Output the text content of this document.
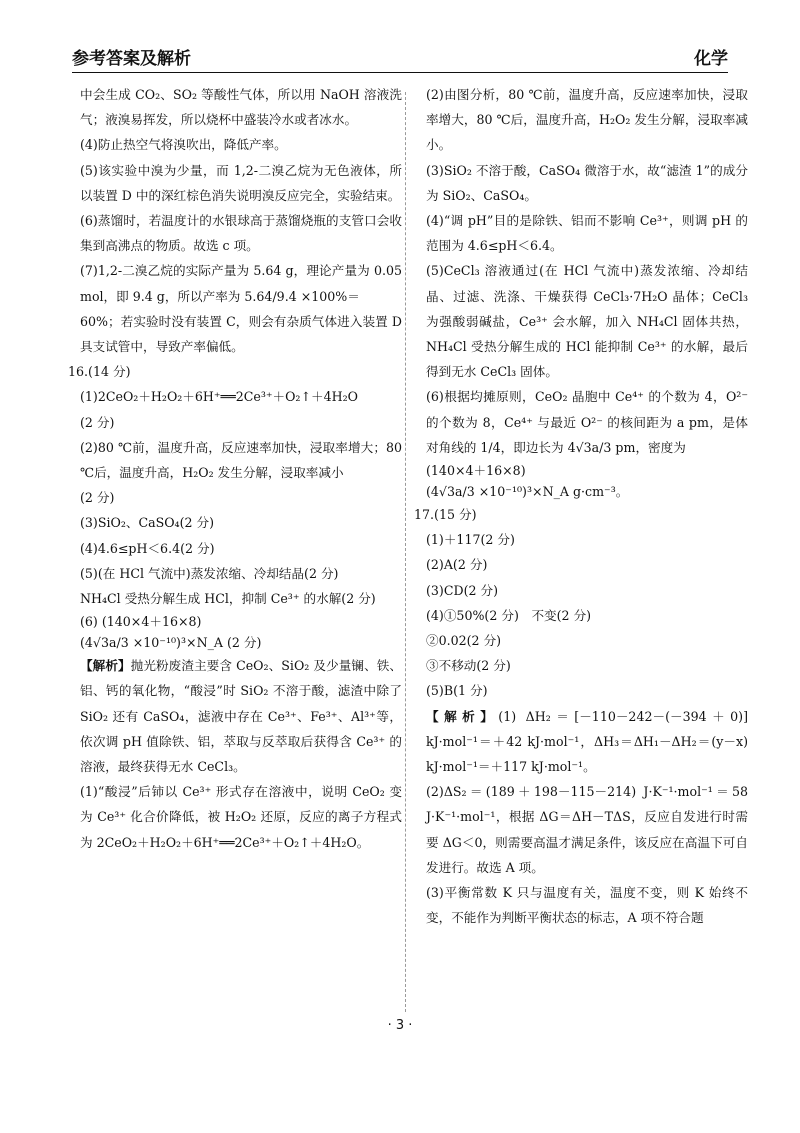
参考答案及解析	化学

中会生成 CO₂、SO₂ 等酸性气体，所以用 NaOH 溶液洗气；液溴易挥发，所以烧杯中盛装冷水或者冰水。

(4)防止热空气将溴吹出，降低产率。

(5)该实验中溴为少量，而 1,2-二溴乙烷为无色液体，所以装置 D 中的深红棕色消失说明溴反应完全，实验结束。

(6)蒸馏时，若温度计的水银球高于蒸馏烧瓶的支管口会收集到高沸点的物质。故选 c 项。

(7)1,2-二溴乙烷的实际产量为 5.64 g，理论产量为 0.05 mol，即 9.4 g，所以产率为 5.64/9.4 ×100%＝

60%；若实验时没有装置 C，则会有杂质气体进入装置 D 具支试管中，导致产率偏低。

16.(14 分)

(1)2CeO₂＋H₂O₂＋6H⁺══2Ce³⁺＋O₂↑＋4H₂O

(2 分)

(2)80 ℃前，温度升高，反应速率加快，浸取率增大；80 ℃后，温度升高，H₂O₂ 发生分解，浸取率减小

(2 分)

(3)SiO₂、CaSO₄(2 分)

(4)4.6≤pH＜6.4(2 分)

(5)(在 HCl 气流中)蒸发浓缩、冷却结晶(2 分)

NH₄Cl 受热分解生成 HCl，抑制 Ce³⁺ 的水解(2 分)

(6) (140×4＋16×8)
(4√3a/3 ×10⁻¹⁰)³×N_A (2 分)

【解析】抛光粉废渣主要含 CeO₂、SiO₂ 及少量镧、铁、铝、钙的氧化物，“酸浸”时 SiO₂ 不溶于酸，滤渣中除了 SiO₂ 还有 CaSO₄，滤液中存在 Ce³⁺、Fe³⁺、Al³⁺等，依次调 pH 值除铁、铝，萃取与反萃取后获得含 Ce³⁺ 的溶液，最终获得无水 CeCl₃。

(1)“酸浸”后铈以 Ce³⁺ 形式存在溶液中，说明 CeO₂ 变为 Ce³⁺ 化合价降低，被 H₂O₂ 还原，反应的离子方程式为 2CeO₂＋H₂O₂＋6H⁺══2Ce³⁺＋O₂↑＋4H₂O。

(2)由图分析，80 ℃前，温度升高，反应速率加快，浸取率增大，80 ℃后，温度升高，H₂O₂ 发生分解，浸取率减小。

(3)SiO₂ 不溶于酸，CaSO₄ 微溶于水，故“滤渣 1”的成分为 SiO₂、CaSO₄。

(4)“调 pH”目的是除铁、铝而不影响 Ce³⁺，则调 pH 的范围为 4.6≤pH＜6.4。

(5)CeCl₃ 溶液通过(在 HCl 气流中)蒸发浓缩、冷却结晶、过滤、洗涤、干燥获得 CeCl₃·7H₂O 晶体；CeCl₃ 为强酸弱碱盐，Ce³⁺ 会水解，加入 NH₄Cl 固体共热，NH₄Cl 受热分解生成的 HCl 能抑制 Ce³⁺ 的水解，最后得到无水 CeCl₃ 固体。

(6)根据均摊原则，CeO₂ 晶胞中 Ce⁴⁺ 的个数为 4，O²⁻ 的个数为 8，Ce⁴⁺ 与最近 O²⁻ 的核间距为 a pm，是体对角线的 1/4，即边长为 4√3a/3 pm，密度为

(140×4＋16×8)
(4√3a/3 ×10⁻¹⁰)³×N_A g·cm⁻³。

17.(15 分)

(1)＋117(2 分)

(2)A(2 分)

(3)CD(2 分)

(4)①50%(2 分)　不变(2 分)

②0.02(2 分)

③不移动(2 分)

(5)B(1 分)

【解析】(1) ΔH₂＝[－110－242－(－394＋0)] kJ·mol⁻¹＝＋42 kJ·mol⁻¹，ΔH₃＝ΔH₁－ΔH₂＝(y－x) kJ·mol⁻¹＝＋117 kJ·mol⁻¹。

(2)ΔS₂＝(189＋198－115－214) J·K⁻¹·mol⁻¹＝58 J·K⁻¹·mol⁻¹，根据 ΔG＝ΔH－TΔS，反应自发进行时需要 ΔG＜0，则需要高温才满足条件，该反应在高温下可自发进行。故选 A 项。

(3)平衡常数 K 只与温度有关，温度不变，则 K 始终不变，不能作为判断平衡状态的标志，A 项不符合题

· 3 ·
